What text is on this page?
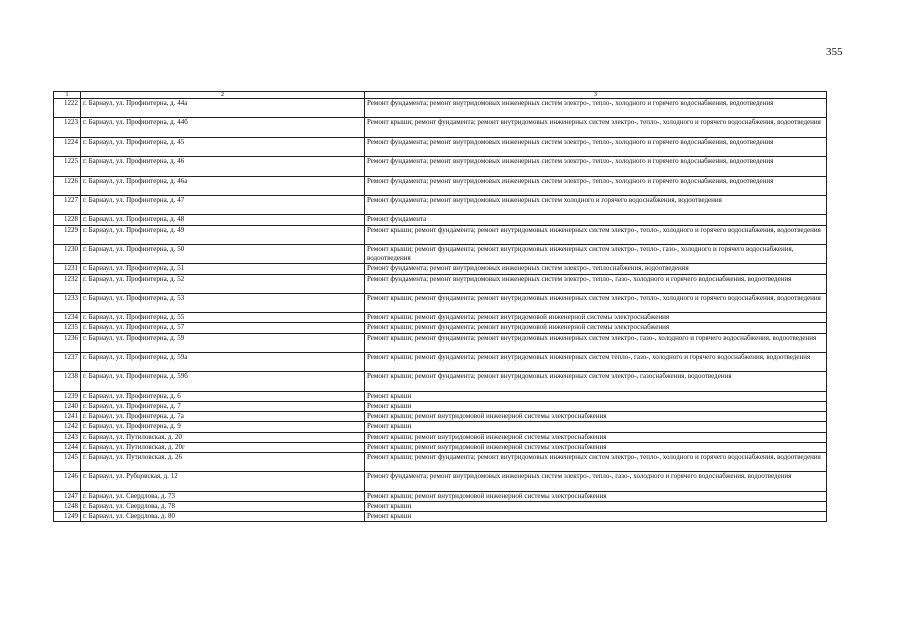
355
1	2	3
1222	г. Барнаул, ул. Профинтерна, д. 44а	Ремонт фундамента; ремонт внутридомовых инженерных систем электро-, тепло-, холодного и горячего водоснабжения, водоотведения
1223	г. Барнаул, ул. Профинтерна, д. 44б	Ремонт крыши; ремонт фундамента; ремонт внутридомовых инженерных систем электро-, тепло-, холодного и горячего водоснабжения, водоотведения
1224	г. Барнаул, ул. Профинтерна, д. 45	Ремонт фундамента; ремонт внутридомовых инженерных систем электро-, тепло-, холодного и горячего водоснабжения, водоотведения
1225	г. Барнаул, ул. Профинтерна, д. 46	Ремонт фундамента; ремонт внутридомовых инженерных систем электро-, тепло-, холодного и горячего водоснабжения, водоотведения
1226	г. Барнаул, ул. Профинтерна, д. 46а	Ремонт фундамента; ремонт внутридомовых инженерных систем электро-, тепло-, холодного и горячего водоснабжения, водоотведения
1227	г. Барнаул, ул. Профинтерна, д. 47	Ремонт фундамента; ремонт внутридомовых инженерных систем холодного и горячего водоснабжения, водоотведения
1228	г. Барнаул, ул. Профинтерна, д. 48	Ремонт фундамента
1229	г. Барнаул, ул. Профинтерна, д. 49	Ремонт крыши; ремонт фундамента; ремонт внутридомовых инженерных систем электро-, тепло-, холодного и горячего водоснабжения, водоотведения
1230	г. Барнаул, ул. Профинтерна, д. 50	Ремонт крыши; ремонт фундамента; ремонт внутридомовых инженерных систем электро-, тепло-, газо-, холодного и горячего водоснабжения, водоотведения
1231	г. Барнаул, ул. Профинтерна, д. 51	Ремонт фундамента; ремонт внутридомовых инженерных систем электро-, теплоснабжения, водоотведения
1232	г. Барнаул, ул. Профинтерна, д. 52	Ремонт фундамента; ремонт внутридомовых инженерных систем электро-, тепло-, газо-, холодного и горячего водоснабжения, водоотведения
1233	г. Барнаул, ул. Профинтерна, д. 53	Ремонт крыши; ремонт фундамента; ремонт внутридомовых инженерных систем электро-, тепло-, холодного и горячего водоснабжения, водоотведения
1234	г. Барнаул, ул. Профинтерна, д. 55	Ремонт крыши; ремонт фундамента; ремонт внутридомовой инженерной системы электроснабжения
1235	г. Барнаул, ул. Профинтерна, д. 57	Ремонт крыши; ремонт фундамента; ремонт внутридомовой инженерной системы электроснабжения
1236	г. Барнаул, ул. Профинтерна, д. 59	Ремонт крыши; ремонт фундамента; ремонт внутридомовых инженерных систем электро-, газо-, холодного и горячего водоснабжения, водоотведения
1237	г. Барнаул, ул. Профинтерна, д. 59а	Ремонт крыши; ремонт фундамента; ремонт внутридомовых инженерных систем тепло-, газо-, холодного и горячего водоснабжения, водоотведения
1238	г. Барнаул, ул. Профинтерна, д. 59б	Ремонт крыши; ремонт фундамента; ремонт внутридомовых инженерных систем электро-, газоснабжения, водоотведения
1239	г. Барнаул, ул. Профинтерна, д. 6	Ремонт крыши
1240	г. Барнаул, ул. Профинтерна, д. 7	Ремонт крыши
1241	г. Барнаул, ул. Профинтерна, д. 7а	Ремонт крыши; ремонт внутридомовой инженерной системы электроснабжения
1242	г. Барнаул, ул. Профинтерна, д. 9	Ремонт крыши
1243	г. Барнаул, ул. Путиловская, д. 20	Ремонт крыши; ремонт внутридомовой инженерной системы электроснабжения
1244	г. Барнаул, ул. Путиловская, д. 20г	Ремонт крыши; ремонт внутридомовой инженерной системы электроснабжения
1245	г. Барнаул, ул. Путиловская, д. 26	Ремонт крыши; ремонт фундамента; ремонт внутридомовых инженерных систем электро-, тепло-, холодного и горячего водоснабжения, водоотведения
1246	г. Барнаул, ул. Рубцовская, д. 12	Ремонт фундамента; ремонт внутридомовых инженерных систем электро-, тепло-, газо-, холодного и горячего водоснабжения, водоотведения
1247	г. Барнаул, ул. Свердлова, д. 73	Ремонт крыши; ремонт внутридомовой инженерной системы электроснабжения
1248	г. Барнаул, ул. Свердлова, д. 78	Ремонт крыши
1249	г. Барнаул, ул. Свердлова, д. 80	Ремонт крыши
